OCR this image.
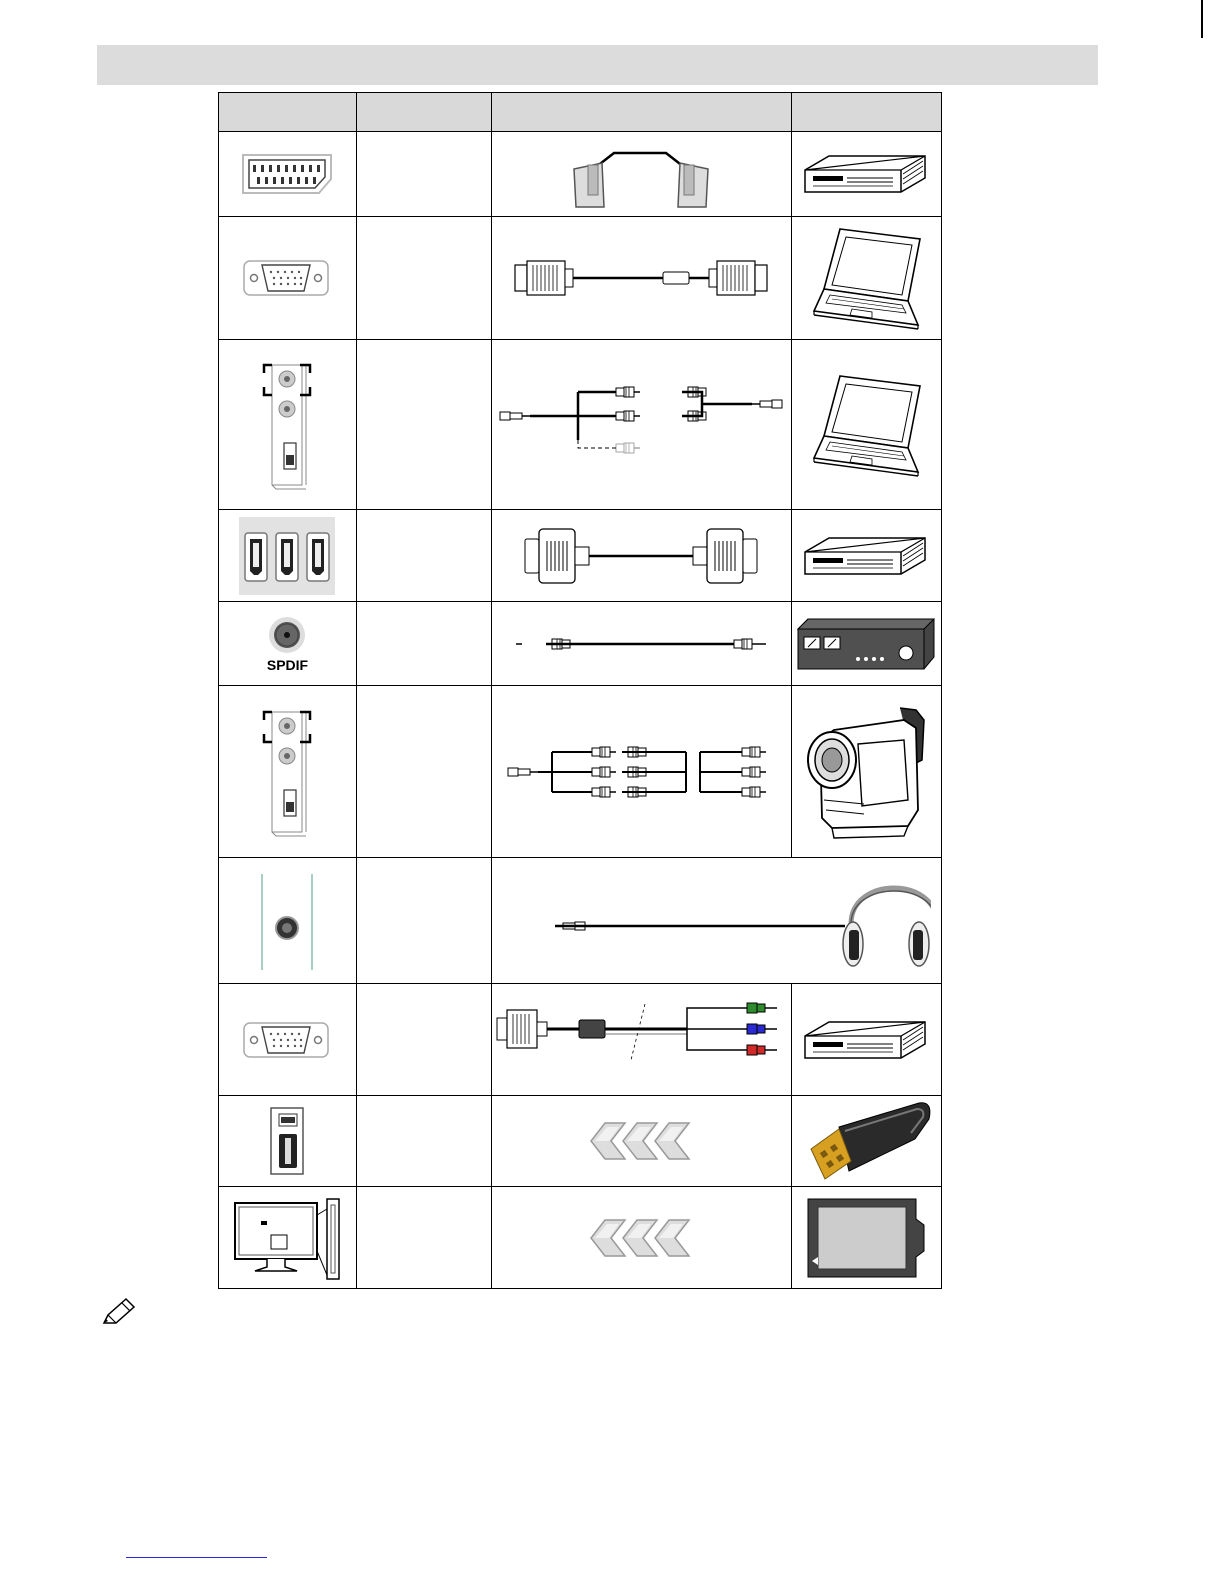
SPDIF
